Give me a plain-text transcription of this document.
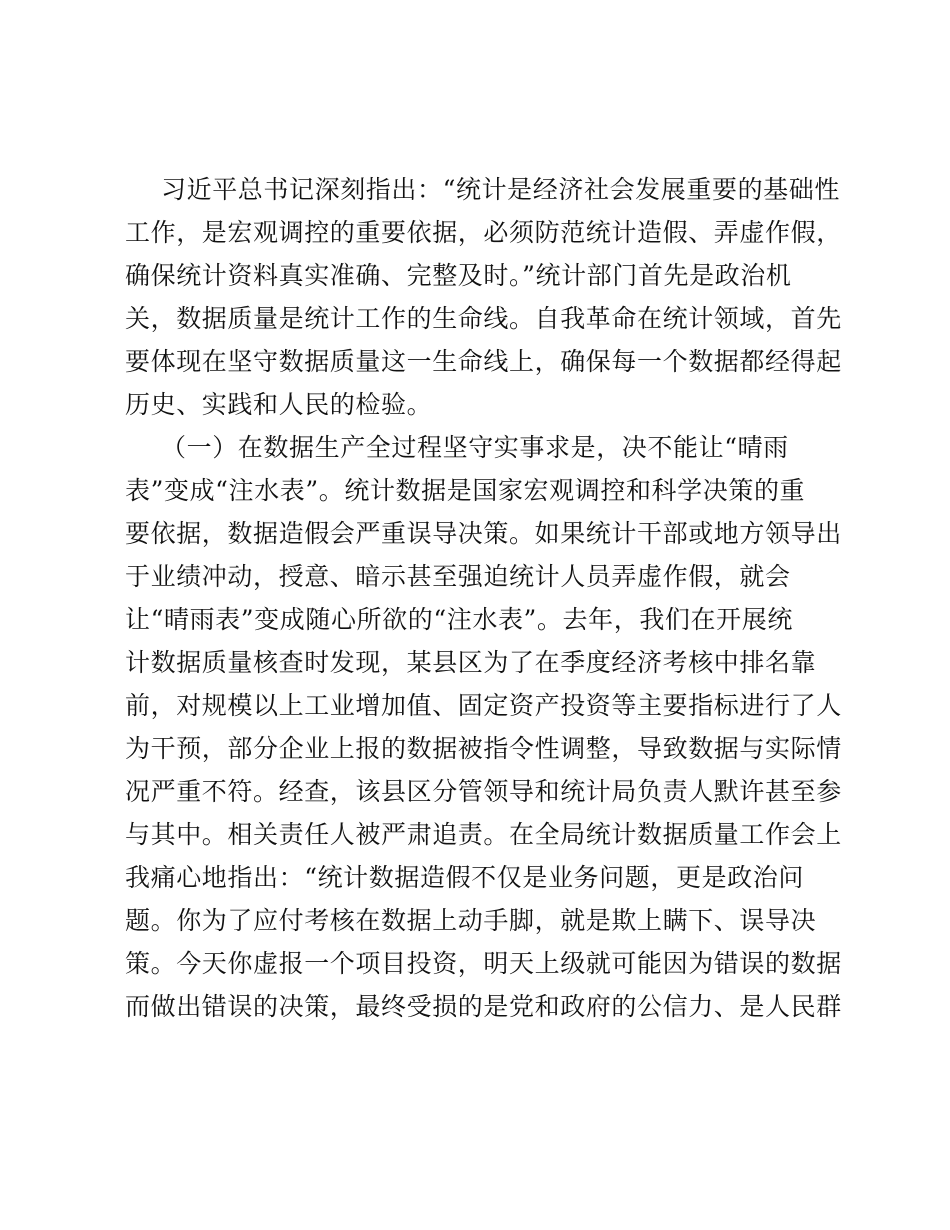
习近平总书记深刻指出：“统计是经济社会发展重要的基础性
工作，是宏观调控的重要依据，必须防范统计造假、弄虚作假，
确保统计资料真实准确、完整及时。”统计部门首先是政治机
关，数据质量是统计工作的生命线。自我革命在统计领域，首先
要体现在坚守数据质量这一生命线上，确保每一个数据都经得起
历史、实践和人民的检验。
（一）在数据生产全过程坚守实事求是，决不能让“晴雨
表”变成“注水表”。统计数据是国家宏观调控和科学决策的重
要依据，数据造假会严重误导决策。如果统计干部或地方领导出
于业绩冲动，授意、暗示甚至强迫统计人员弄虚作假，就会
让“晴雨表”变成随心所欲的“注水表”。去年，我们在开展统
计数据质量核查时发现，某县区为了在季度经济考核中排名靠
前，对规模以上工业增加值、固定资产投资等主要指标进行了人
为干预，部分企业上报的数据被指令性调整，导致数据与实际情
况严重不符。经查，该县区分管领导和统计局负责人默许甚至参
与其中。相关责任人被严肃追责。在全局统计数据质量工作会上
我痛心地指出：“统计数据造假不仅是业务问题，更是政治问
题。你为了应付考核在数据上动手脚，就是欺上瞒下、误导决
策。今天你虚报一个项目投资，明天上级就可能因为错误的数据
而做出错误的决策，最终受损的是党和政府的公信力、是人民群
